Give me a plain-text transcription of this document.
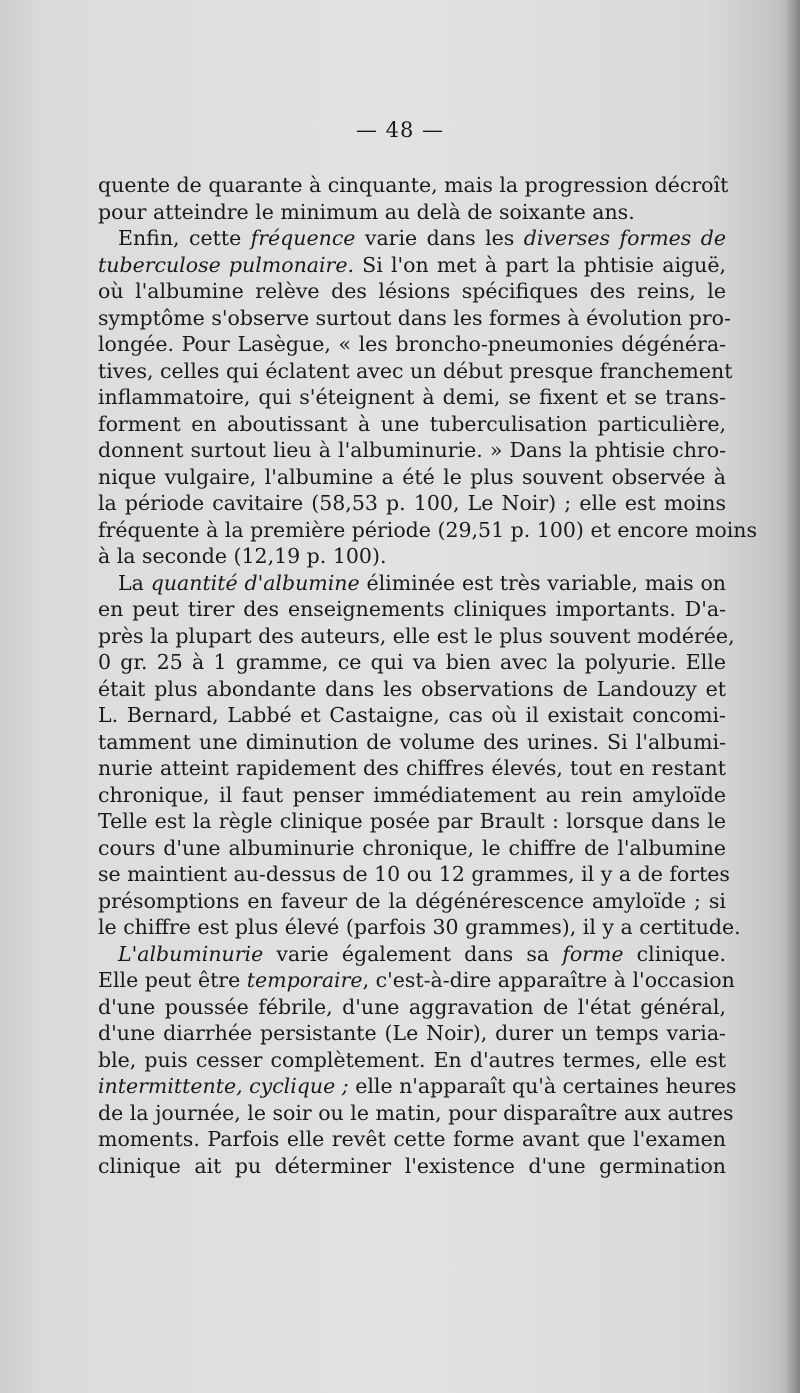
— 48 —
quente de quarante à cinquante, mais la progression décroît
pour atteindre le minimum au delà de soixante ans.
Enfin, cette fréquence varie dans les diverses formes de
tuberculose pulmonaire. Si l'on met à part la phtisie aiguë,
où l'albumine relève des lésions spécifiques des reins, le
symptôme s'observe surtout dans les formes à évolution pro-
longée. Pour Lasègue, « les broncho-pneumonies dégénéra-
tives, celles qui éclatent avec un début presque franchement
inflammatoire, qui s'éteignent à demi, se fixent et se trans-
forment en aboutissant à une tuberculisation particulière,
donnent surtout lieu à l'albuminurie. » Dans la phtisie chro-
nique vulgaire, l'albumine a été le plus souvent observée à
la période cavitaire (58,53 p. 100, Le Noir) ; elle est moins
fréquente à la première période (29,51 p. 100) et encore moins
à la seconde (12,19 p. 100).
La quantité d'albumine éliminée est très variable, mais on
en peut tirer des enseignements cliniques importants. D'a-
près la plupart des auteurs, elle est le plus souvent modérée,
0 gr. 25 à 1 gramme, ce qui va bien avec la polyurie. Elle
était plus abondante dans les observations de Landouzy et
L. Bernard, Labbé et Castaigne, cas où il existait concomi-
tamment une diminution de volume des urines. Si l'albumi-
nurie atteint rapidement des chiffres élevés, tout en restant
chronique, il faut penser immédiatement au rein amyloïde
Telle est la règle clinique posée par Brault : lorsque dans le
cours d'une albuminurie chronique, le chiffre de l'albumine
se maintient au-dessus de 10 ou 12 grammes, il y a de fortes
présomptions en faveur de la dégénérescence amyloïde ; si
le chiffre est plus élevé (parfois 30 grammes), il y a certitude.
L'albuminurie varie également dans sa forme clinique.
Elle peut être temporaire, c'est-à-dire apparaître à l'occasion
d'une poussée fébrile, d'une aggravation de l'état général,
d'une diarrhée persistante (Le Noir), durer un temps varia-
ble, puis cesser complètement. En d'autres termes, elle est
intermittente, cyclique ; elle n'apparaît qu'à certaines heures
de la journée, le soir ou le matin, pour disparaître aux autres
moments. Parfois elle revêt cette forme avant que l'examen
clinique ait pu déterminer l'existence d'une germination
